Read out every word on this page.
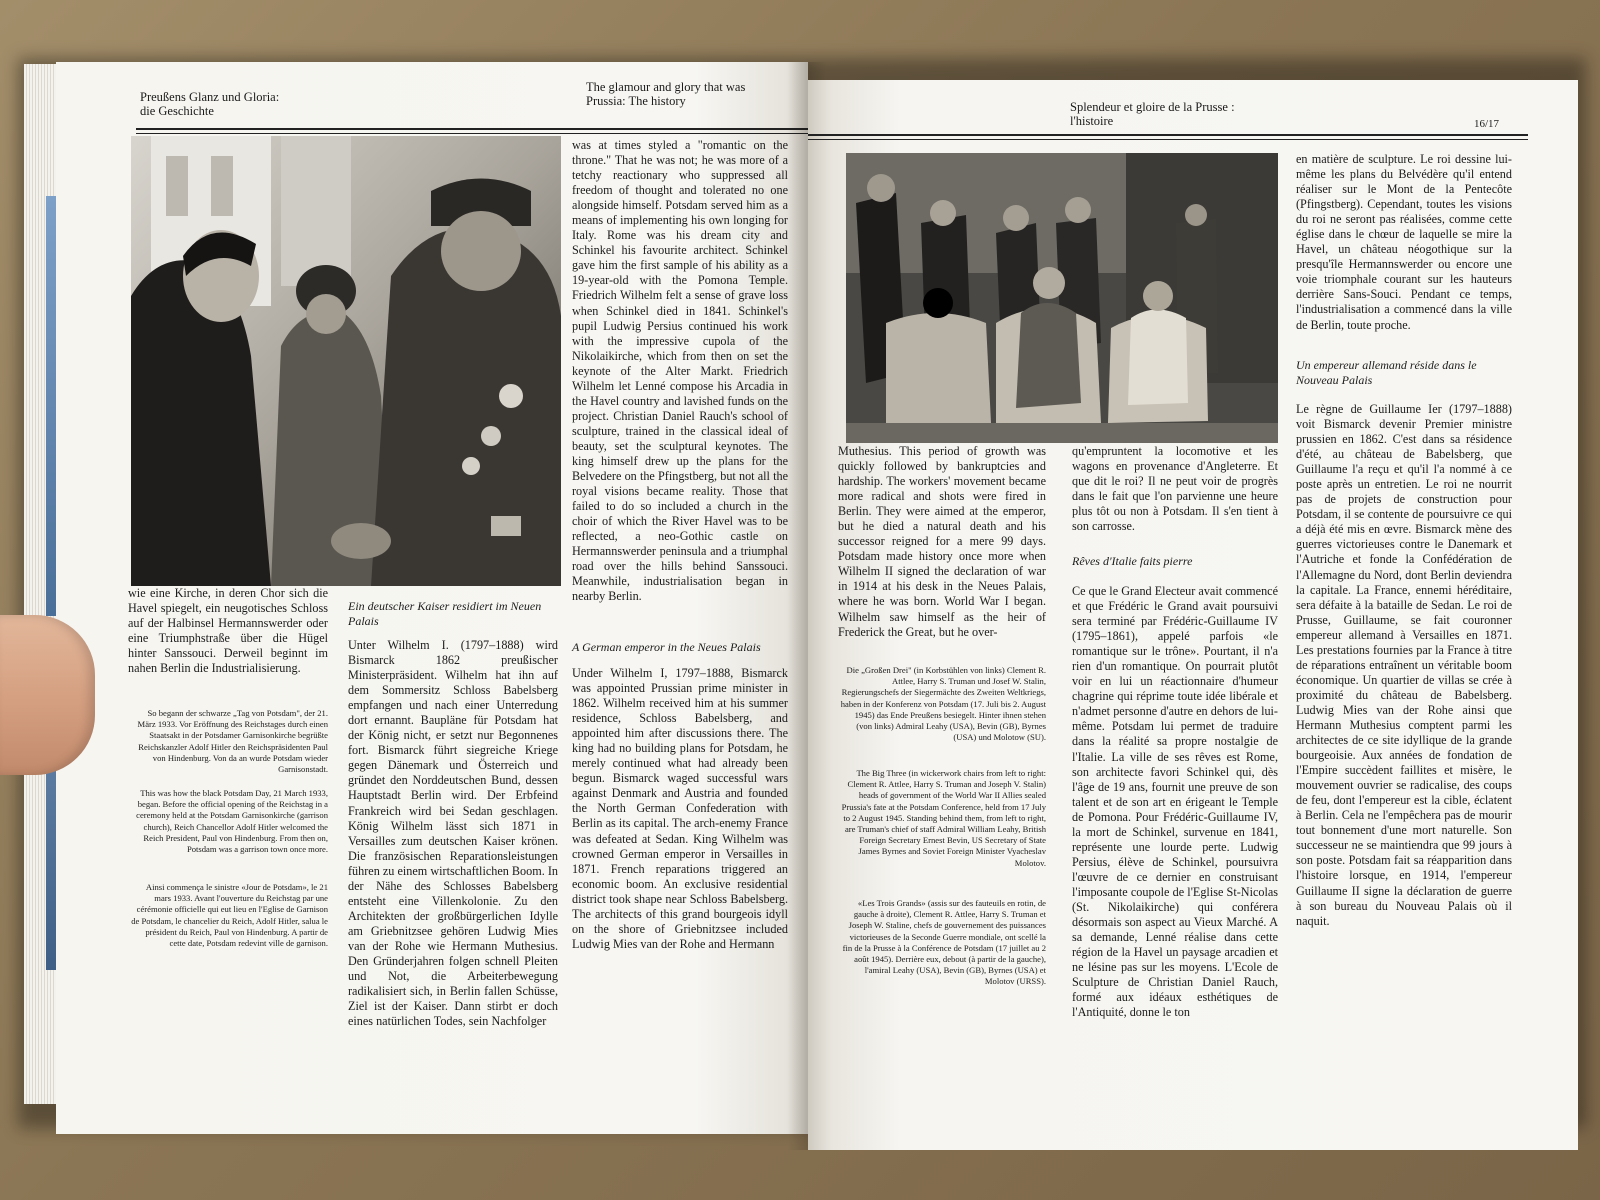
Preußens Glanz und Gloria:
die Geschichte
The glamour and glory that was
Prussia: The history
wie eine Kirche, in deren Chor sich die Havel spiegelt, ein neugotisches Schloss auf der Halbinsel Hermannswerder oder eine Triumphstraße über die Hügel hinter Sanssouci. Derweil beginnt im nahen Berlin die Industrialisierung.
So begann der schwarze „Tag von Potsdam", der 21. März 1933. Vor Eröffnung des Reichstages durch einen Staatsakt in der Potsdamer Garnisonkirche begrüßte Reichskanzler Adolf Hitler den Reichspräsidenten Paul von Hindenburg. Von da an wurde Potsdam wieder Garnisonstadt.
This was how the black Potsdam Day, 21 March 1933, began. Before the official opening of the Reichstag in a ceremony held at the Potsdam Garnisonkirche (garrison church), Reich Chancellor Adolf Hitler welcomed the Reich President, Paul von Hindenburg. From then on, Potsdam was a garrison town once more.
Ainsi commença le sinistre «Jour de Potsdam», le 21 mars 1933. Avant l'ouverture du Reichstag par une cérémonie officielle qui eut lieu en l'Eglise de Garnison de Potsdam, le chancelier du Reich, Adolf Hitler, salua le président du Reich, Paul von Hindenburg. A partir de cette date, Potsdam redevint ville de garnison.
Ein deutscher Kaiser residiert im Neuen Palais
Unter Wilhelm I. (1797–1888) wird Bismarck 1862 preußischer Ministerpräsident. Wilhelm hat ihn auf dem Sommersitz Schloss Babelsberg empfangen und nach einer Unterredung dort ernannt. Baupläne für Potsdam hat der König nicht, er setzt nur Begonnenes fort. Bismarck führt siegreiche Kriege gegen Dänemark und Österreich und gründet den Norddeutschen Bund, dessen Hauptstadt Berlin wird. Der Erbfeind Frankreich wird bei Sedan geschlagen. König Wilhelm lässt sich 1871 in Versailles zum deutschen Kaiser krönen. Die französischen Reparationsleistungen führen zu einem wirtschaftlichen Boom. In der Nähe des Schlosses Babelsberg entsteht eine Villenkolonie. Zu den Architekten der großbürgerlichen Idylle am Griebnitzsee gehören Ludwig Mies van der Rohe wie Hermann Muthesius. Den Gründerjahren folgen schnell Pleiten und Not, die Arbeiterbewegung radikalisiert sich, in Berlin fallen Schüsse, Ziel ist der Kaiser. Dann stirbt er doch eines natürlichen Todes, sein Nachfolger
was at times styled a "romantic on the throne." That he was not; he was more of a tetchy reactionary who suppressed all freedom of thought and tolerated no one alongside himself. Potsdam served him as a means of implementing his own longing for Italy. Rome was his dream city and Schinkel his favourite architect. Schinkel gave him the first sample of his ability as a 19-year-old with the Pomona Temple. Friedrich Wilhelm felt a sense of grave loss when Schinkel died in 1841. Schinkel's pupil Ludwig Persius continued his work with the impressive cupola of the Nikolaikirche, which from then on set the keynote of the Alter Markt. Friedrich Wilhelm let Lenné compose his Arcadia in the Havel country and lavished funds on the project. Christian Daniel Rauch's school of sculpture, trained in the classical ideal of beauty, set the sculptural keynotes. The king himself drew up the plans for the Belvedere on the Pfingstberg, but not all the royal visions became reality. Those that failed to do so included a church in the choir of which the River Havel was to be reflected, a neo-Gothic castle on Hermannswerder peninsula and a triumphal road over the hills behind Sanssouci. Meanwhile, industrialisation began in nearby Berlin.
A German emperor in the Neues Palais
Under Wilhelm I, 1797–1888, Bismarck was appointed Prussian prime minister in 1862. Wilhelm received him at his summer residence, Schloss Babelsberg, and appointed him after discussions there. The king had no building plans for Potsdam, he merely continued what had already been begun. Bismarck waged successful wars against Denmark and Austria and founded the North German Confederation with Berlin as its capital. The arch-enemy France was defeated at Sedan. King Wilhelm was crowned German emperor in Versailles in 1871. French reparations triggered an economic boom. An exclusive residential district took shape near Schloss Babelsberg. The architects of this grand bourgeois idyll on the shore of Griebnitzsee included Ludwig Mies van der Rohe and Hermann
Splendeur et gloire de la Prusse :
l'histoire	16/17
Muthesius. This period of growth was quickly followed by bankruptcies and hardship. The workers' movement became more radical and shots were fired in Berlin. They were aimed at the emperor, but he died a natural death and his successor reigned for a mere 99 days. Potsdam made history once more when Wilhelm II signed the declaration of war in 1914 at his desk in the Neues Palais, where he was born. World War I began. Wilhelm saw himself as the heir of Frederick the Great, but he over-
Die „Großen Drei" (in Korbstühlen von links) Clement R. Attlee, Harry S. Truman und Josef W. Stalin, Regierungschefs der Siegermächte des Zweiten Weltkriegs, haben in der Konferenz von Potsdam (17. Juli bis 2. August 1945) das Ende Preußens besiegelt. Hinter ihnen stehen (von links) Admiral Leahy (USA), Bevin (GB), Byrnes (USA) und Molotow (SU).
The Big Three (in wickerwork chairs from left to right: Clement R. Attlee, Harry S. Truman and Joseph V. Stalin) heads of government of the World War II Allies sealed Prussia's fate at the Potsdam Conference, held from 17 July to 2 August 1945. Standing behind them, from left to right, are Truman's chief of staff Admiral William Leahy, British Foreign Secretary Ernest Bevin, US Secretary of State James Byrnes and Soviet Foreign Minister Vyacheslav Molotov.
«Les Trois Grands» (assis sur des fauteuils en rotin, de gauche à droite), Clement R. Attlee, Harry S. Truman et Joseph W. Staline, chefs de gouvernement des puissances victorieuses de la Seconde Guerre mondiale, ont scellé la fin de la Prusse à la Conférence de Potsdam (17 juillet au 2 août 1945). Derrière eux, debout (à partir de la gauche), l'amiral Leahy (USA), Bevin (GB), Byrnes (USA) et Molotov (URSS).
qu'empruntent la locomotive et les wagons en provenance d'Angleterre. Et que dit le roi? Il ne peut voir de progrès dans le fait que l'on parvienne une heure plus tôt ou non à Potsdam. Il s'en tient à son carrosse.
Rêves d'Italie faits pierre
Ce que le Grand Electeur avait commencé et que Frédéric le Grand avait poursuivi sera terminé par Frédéric-Guillaume IV (1795–1861), appelé parfois «le romantique sur le trône». Pourtant, il n'a rien d'un romantique. On pourrait plutôt voir en lui un réactionnaire d'humeur chagrine qui réprime toute idée libérale et n'admet personne d'autre en dehors de lui-même. Potsdam lui permet de traduire dans la réalité sa propre nostalgie de l'Italie. La ville de ses rêves est Rome, son architecte favori Schinkel qui, dès l'âge de 19 ans, fournit une preuve de son talent et de son art en érigeant le Temple de Pomona. Pour Frédéric-Guillaume IV, la mort de Schinkel, survenue en 1841, représente une lourde perte. Ludwig Persius, élève de Schinkel, poursuivra l'œuvre de ce dernier en construisant l'imposante coupole de l'Eglise St-Nicolas (St. Nikolaikirche) qui conférera désormais son aspect au Vieux Marché. A sa demande, Lenné réalise dans cette région de la Havel un paysage arcadien et ne lésine pas sur les moyens. L'Ecole de Sculpture de Christian Daniel Rauch, formé aux idéaux esthétiques de l'Antiquité, donne le ton
en matière de sculpture. Le roi dessine lui-même les plans du Belvédère qu'il entend réaliser sur le Mont de la Pentecôte (Pfingstberg). Cependant, toutes les visions du roi ne seront pas réalisées, comme cette église dans le chœur de laquelle se mire la Havel, un château néogothique sur la presqu'île Hermannswerder ou encore une voie triomphale courant sur les hauteurs derrière Sans-Souci. Pendant ce temps, l'industrialisation a commencé dans la ville de Berlin, toute proche.
Un empereur allemand réside dans le Nouveau Palais
Le règne de Guillaume Ier (1797–1888) voit Bismarck devenir Premier ministre prussien en 1862. C'est dans sa résidence d'été, au château de Babelsberg, que Guillaume l'a reçu et qu'il l'a nommé à ce poste après un entretien. Le roi ne nourrit pas de projets de construction pour Potsdam, il se contente de poursuivre ce qui a déjà été mis en œvre. Bismarck mène des guerres victorieuses contre le Danemark et l'Autriche et fonde la Confédération de l'Allemagne du Nord, dont Berlin deviendra la capitale. La France, ennemi héréditaire, sera défaite à la bataille de Sedan. Le roi de Prusse, Guillaume, se fait couronner empereur allemand à Versailles en 1871. Les prestations fournies par la France à titre de réparations entraînent un véritable boom économique. Un quartier de villas se crée à proximité du château de Babelsberg. Ludwig Mies van der Rohe ainsi que Hermann Muthesius comptent parmi les architectes de ce site idyllique de la grande bourgeoisie. Aux années de fondation de l'Empire succèdent faillites et misère, le mouvement ouvrier se radicalise, des coups de feu, dont l'empereur est la cible, éclatent à Berlin. Cela ne l'empêchera pas de mourir tout bonnement d'une mort naturelle. Son successeur ne se maintiendra que 99 jours à son poste. Potsdam fait sa réapparition dans l'histoire lorsque, en 1914, l'empereur Guillaume II signe la déclaration de guerre à son bureau du Nouveau Palais où il naquit.
